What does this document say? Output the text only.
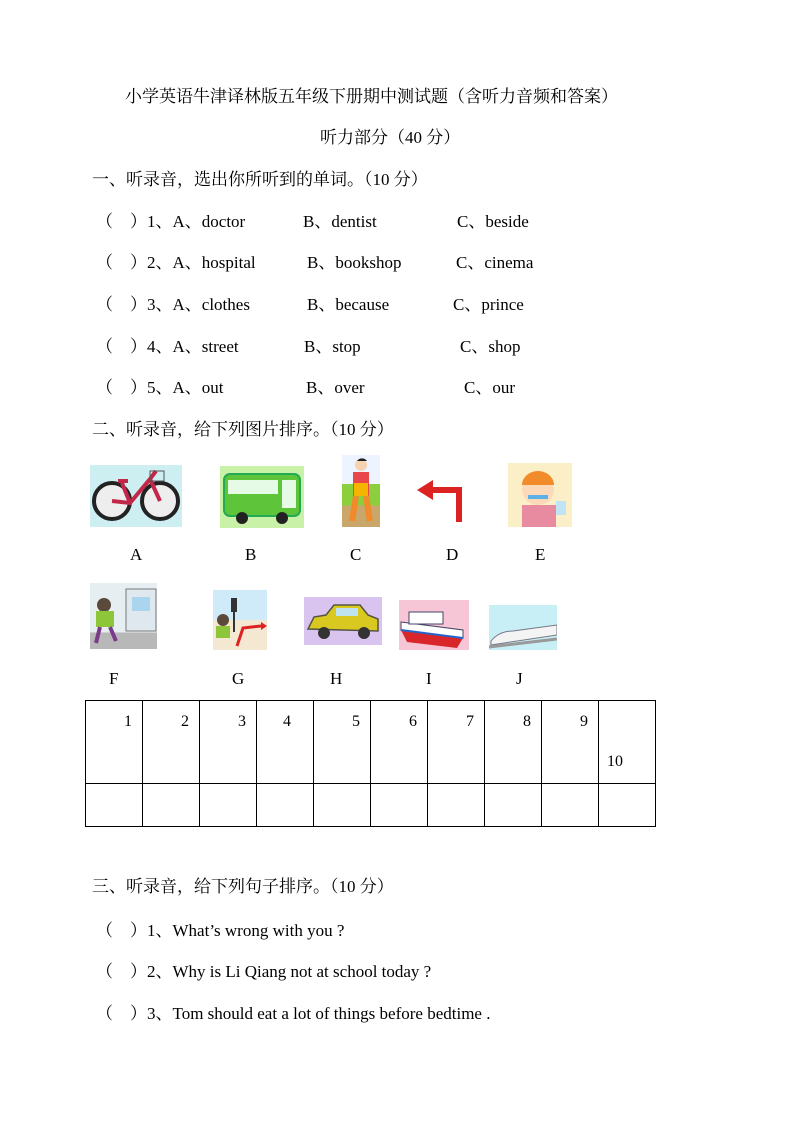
小学英语牛津译林版五年级下册期中测试题（含听力音频和答案）
听力部分（40 分）
一、听录音，选出你所听到的单词。（10 分）
（　）1、A、doctor	B、dentist	C、beside
（　）2、A、hospital	B、bookshop	C、cinema
（　）3、A、clothes	B、because	C、prince
（　）4、A、street	B、stop	C、shop
（　）5、A、out	B、over	C、our
二、听录音，给下列图片排序。（10 分）
A	B	C	D	E
F	G	H	I	J
1	2	3	4	5	6	7	8	9	10

三、听录音，给下列句子排序。（10 分）
（　）1、What’s wrong with you ?
（　）2、Why is Li Qiang not at school today ?
（　）3、Tom should eat a lot of things before bedtime .
